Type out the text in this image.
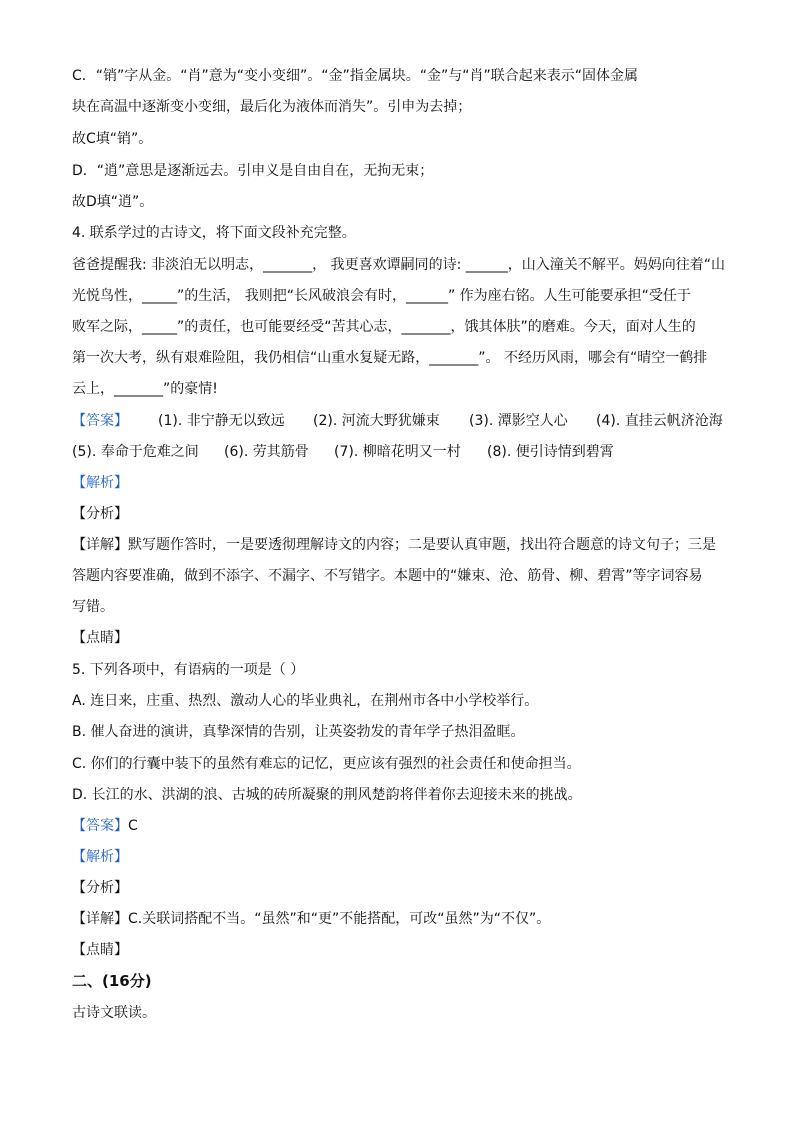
C．“销”字从金。“肖”意为“变小变细”。“金”指金属块。“金”与“肖”联合起来表示“固体金属
块在高温中逐渐变小变细，最后化为液体而消失”。引申为去掉；
故C填“销”。
D．“逍”意思是逐渐远去。引申义是自由自在，无拘无束；
故D填“逍”。
4. 联系学过的古诗文，将下面文段补充完整。
爸爸提醒我: 非淡泊无以明志，_______， 我更喜欢谭嗣同的诗: ______，山入潼关不解平。妈妈向往着“山
光悦鸟性，_____”的生活， 我则把“长风破浪会有时，______” 作为座右铭。人生可能要承担“受任于
败军之际，_____”的责任，也可能要经受“苦其心志，_______，饿其体肤”的磨难。今天，面对人生的
第一次大考，纵有艰难险阻，我仍相信“山重水复疑无路，_______”。 不经历风雨，哪会有“晴空一鹤排
云上，_______”的豪情!
【答案】 (1). 非宁静无以致远 (2). 河流大野犹嫌束 (3). 潭影空人心 (4). 直挂云帆济沧海
(5). 奉命于危难之间 (6). 劳其筋骨 (7). 柳暗花明又一村 (8). 便引诗情到碧霄
【解析】
【分析】
【详解】默写题作答时，一是要透彻理解诗文的内容；二是要认真审题，找出符合题意的诗文句子；三是
答题内容要准确，做到不添字、不漏字、不写错字。本题中的“嫌束、沧、筋骨、柳、碧霄”等字词容易
写错。
【点睛】
5. 下列各项中，有语病的一项是（ ）
A. 连日来，庄重、热烈、激动人心的毕业典礼，在荆州市各中小学校举行。
B. 催人奋进的演讲，真挚深情的告别，让英姿勃发的青年学子热泪盈眶。
C. 你们的行囊中装下的虽然有难忘的记忆，更应该有强烈的社会责任和使命担当。
D. 长江的水、洪湖的浪、古城的砖所凝聚的荆风楚韵将伴着你去迎接未来的挑战。
【答案】C
【解析】
【分析】
【详解】C.关联词搭配不当。“虽然”和“更”不能搭配，可改“虽然”为“不仅”。
【点睛】
二、(16分)
古诗文联读。
